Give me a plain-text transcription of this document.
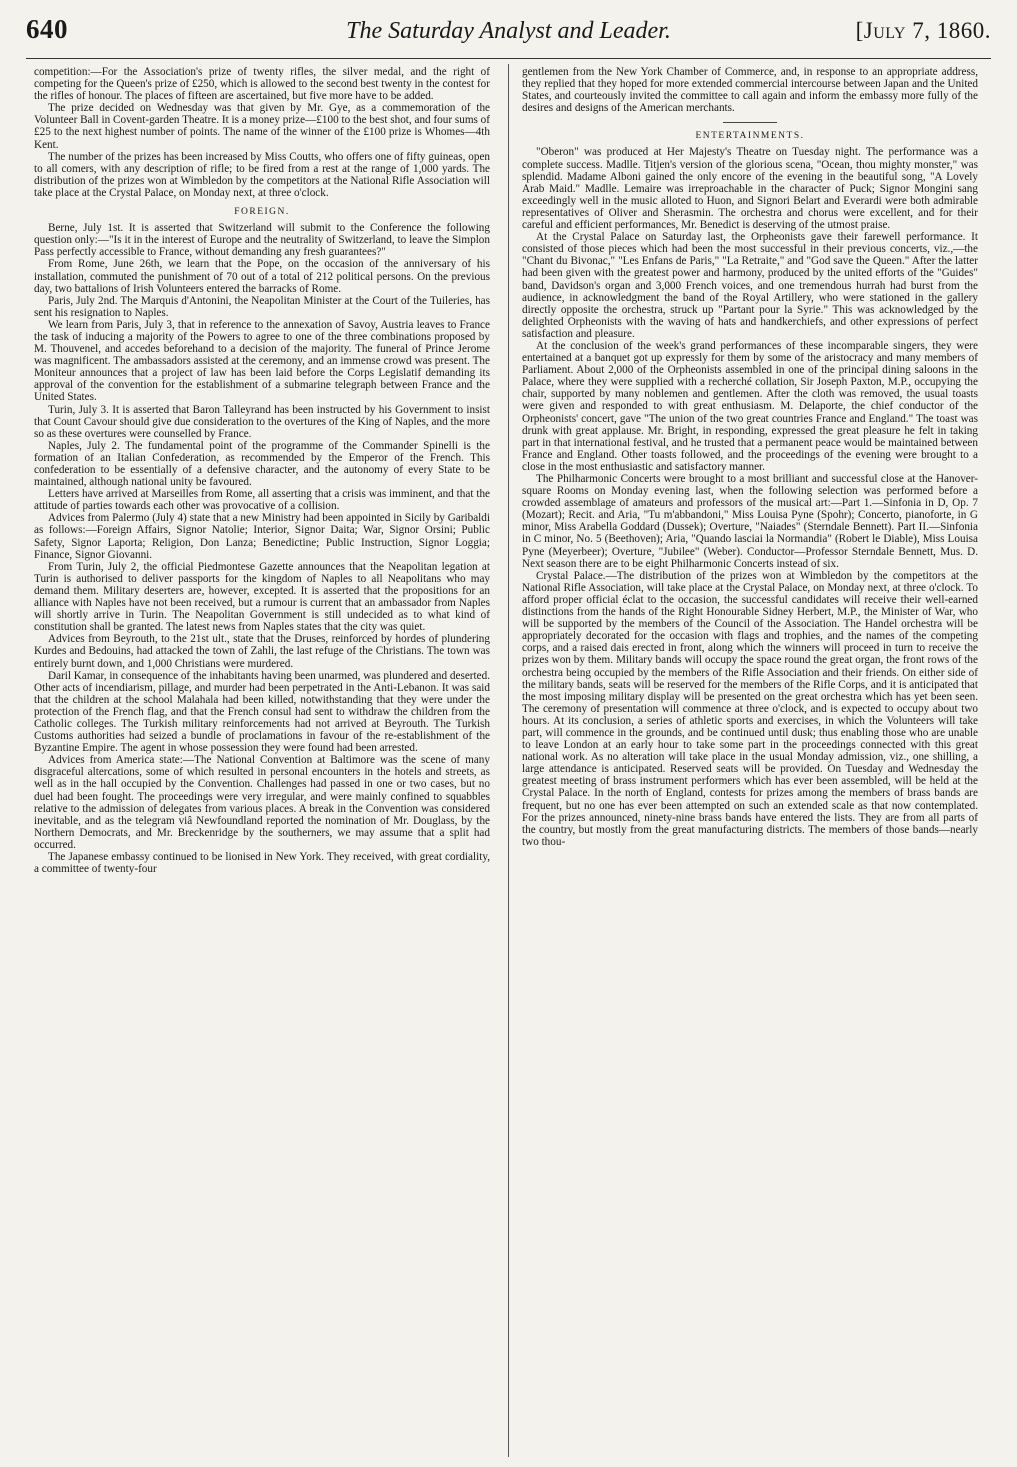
640	The Saturday Analyst and Leader.	[July 7, 1860.

competition:—For the Association's prize of twenty rifles, the silver medal, and the right of competing for the Queen's prize of £250, which is allowed to the second best twenty in the contest for the rifles of honour. The places of fifteen are ascertained, but five more have to be added.

The prize decided on Wednesday was that given by Mr. Gye, as a commemoration of the Volunteer Ball in Covent-garden Theatre. It is a money prize—£100 to the best shot, and four sums of £25 to the next highest number of points. The name of the winner of the £100 prize is Whomes—4th Kent.

The number of the prizes has been increased by Miss Coutts, who offers one of fifty guineas, open to all comers, with any description of rifle; to be fired from a rest at the range of 1,000 yards. The distribution of the prizes won at Wimbledon by the competitors at the National Rifle Association will take place at the Crystal Palace, on Monday next, at three o'clock.

FOREIGN.

Berne, July 1st. It is asserted that Switzerland will submit to the Conference the following question only:—"Is it in the interest of Europe and the neutrality of Switzerland, to leave the Simplon Pass perfectly accessible to France, without demanding any fresh guarantees?"

From Rome, June 26th, we learn that the Pope, on the occasion of the anniversary of his installation, commuted the punishment of 70 out of a total of 212 political persons. On the previous day, two battalions of Irish Volunteers entered the barracks of Rome.

Paris, July 2nd. The Marquis d'Antonini, the Neapolitan Minister at the Court of the Tuileries, has sent his resignation to Naples.

We learn from Paris, July 3, that in reference to the annexation of Savoy, Austria leaves to France the task of inducing a majority of the Powers to agree to one of the three combinations proposed by M. Thouvenel, and accedes beforehand to a decision of the majority. The funeral of Prince Jerome was magnificent. The ambassadors assisted at the ceremony, and an immense crowd was present. The Moniteur announces that a project of law has been laid before the Corps Legislatif demanding its approval of the convention for the establishment of a submarine telegraph between France and the United States.

Turin, July 3. It is asserted that Baron Talleyrand has been instructed by his Government to insist that Count Cavour should give due consideration to the overtures of the King of Naples, and the more so as these overtures were counselled by France.

Naples, July 2. The fundamental point of the programme of the Commander Spinelli is the formation of an Italian Confederation, as recommended by the Emperor of the French. This confederation to be essentially of a defensive character, and the autonomy of every State to be maintained, although national unity be favoured.

Letters have arrived at Marseilles from Rome, all asserting that a crisis was imminent, and that the attitude of parties towards each other was provocative of a collision.

Advices from Palermo (July 4) state that a new Ministry had been appointed in Sicily by Garibaldi as follows:—Foreign Affairs, Signor Natolie; Interior, Signor Daita; War, Signor Orsini; Public Safety, Signor Laporta; Religion, Don Lanza; Benedictine; Public Instruction, Signor Loggia; Finance, Signor Giovanni.

From Turin, July 2, the official Piedmontese Gazette announces that the Neapolitan legation at Turin is authorised to deliver passports for the kingdom of Naples to all Neapolitans who may demand them. Military deserters are, however, excepted. It is asserted that the propositions for an alliance with Naples have not been received, but a rumour is current that an ambassador from Naples will shortly arrive in Turin. The Neapolitan Government is still undecided as to what kind of constitution shall be granted. The latest news from Naples states that the city was quiet.

Advices from Beyrouth, to the 21st ult., state that the Druses, reinforced by hordes of plundering Kurdes and Bedouins, had attacked the town of Zahli, the last refuge of the Christians. The town was entirely burnt down, and 1,000 Christians were murdered.

Daril Kamar, in consequence of the inhabitants having been unarmed, was plundered and deserted. Other acts of incendiarism, pillage, and murder had been perpetrated in the Anti-Lebanon. It was said that the children at the school Malahala had been killed, notwithstanding that they were under the protection of the French flag, and that the French consul had sent to withdraw the children from the Catholic colleges. The Turkish military reinforcements had not arrived at Beyrouth. The Turkish Customs authorities had seized a bundle of proclamations in favour of the re-establishment of the Byzantine Empire. The agent in whose possession they were found had been arrested.

Advices from America state:—The National Convention at Baltimore was the scene of many disgraceful altercations, some of which resulted in personal encounters in the hotels and streets, as well as in the hall occupied by the Convention. Challenges had passed in one or two cases, but no duel had been fought. The proceedings were very irregular, and were mainly confined to squabbles relative to the admission of delegates from various places. A break in the Convention was considered inevitable, and as the telegram viâ Newfoundland reported the nomination of Mr. Douglass, by the Northern Democrats, and Mr. Breckenridge by the southerners, we may assume that a split had occurred.

The Japanese embassy continued to be lionised in New York. They received, with great cordiality, a committee of twenty-four

gentlemen from the New York Chamber of Commerce, and, in response to an appropriate address, they replied that they hoped for more extended commercial intercourse between Japan and the United States, and courteously invited the committee to call again and inform the embassy more fully of the desires and designs of the American merchants.

ENTERTAINMENTS.

"Oberon" was produced at Her Majesty's Theatre on Tuesday night. The performance was a complete success. Madlle. Titjen's version of the glorious scena, "Ocean, thou mighty monster," was splendid. Madame Alboni gained the only encore of the evening in the beautiful song, "A Lovely Arab Maid." Madlle. Lemaire was irreproachable in the character of Puck; Signor Mongini sang exceedingly well in the music alloted to Huon, and Signori Belart and Everardi were both admirable representatives of Oliver and Sherasmin. The orchestra and chorus were excellent, and for their careful and efficient performances, Mr. Benedict is deserving of the utmost praise.

At the Crystal Palace on Saturday last, the Orpheonists gave their farewell performance. It consisted of those pieces which had been the most successful in their previous concerts, viz.,—the "Chant du Bivonac," "Les Enfans de Paris," "La Retraite," and "God save the Queen." After the latter had been given with the greatest power and harmony, produced by the united efforts of the "Guides" band, Davidson's organ and 3,000 French voices, and one tremendous hurrah had burst from the audience, in acknowledgment the band of the Royal Artillery, who were stationed in the gallery directly opposite the orchestra, struck up "Partant pour la Syrie." This was acknowledged by the delighted Orpheonists with the waving of hats and handkerchiefs, and other expressions of perfect satisfaction and pleasure.

At the conclusion of the week's grand performances of these incomparable singers, they were entertained at a banquet got up expressly for them by some of the aristocracy and many members of Parliament. About 2,000 of the Orpheonists assembled in one of the principal dining saloons in the Palace, where they were supplied with a recherché collation, Sir Joseph Paxton, M.P., occupying the chair, supported by many noblemen and gentlemen. After the cloth was removed, the usual toasts were given and responded to with great enthusiasm. M. Delaporte, the chief conductor of the Orpheonists' concert, gave "The union of the two great countries France and England." The toast was drunk with great applause. Mr. Bright, in responding, expressed the great pleasure he felt in taking part in that international festival, and he trusted that a permanent peace would be maintained between France and England. Other toasts followed, and the proceedings of the evening were brought to a close in the most enthusiastic and satisfactory manner.

The Philharmonic Concerts were brought to a most brilliant and successful close at the Hanover-square Rooms on Monday evening last, when the following selection was performed before a crowded assemblage of amateurs and professors of the musical art:—Part 1.—Sinfonia in D, Op. 7 (Mozart); Recit. and Aria, "Tu m'abbandoni," Miss Louisa Pyne (Spohr); Concerto, pianoforte, in G minor, Miss Arabella Goddard (Dussek); Overture, "Naiades" (Sterndale Bennett). Part II.—Sinfonia in C minor, No. 5 (Beethoven); Aria, "Quando lasciai la Normandia" (Robert le Diable), Miss Louisa Pyne (Meyerbeer); Overture, "Jubilee" (Weber). Conductor—Professor Sterndale Bennett, Mus. D. Next season there are to be eight Philharmonic Concerts instead of six.

Crystal Palace.—The distribution of the prizes won at Wimbledon by the competitors at the National Rifle Association, will take place at the Crystal Palace, on Monday next, at three o'clock. To afford proper official éclat to the occasion, the successful candidates will receive their well-earned distinctions from the hands of the Right Honourable Sidney Herbert, M.P., the Minister of War, who will be supported by the members of the Council of the Association. The Handel orchestra will be appropriately decorated for the occasion with flags and trophies, and the names of the competing corps, and a raised dais erected in front, along which the winners will proceed in turn to receive the prizes won by them. Military bands will occupy the space round the great organ, the front rows of the orchestra being occupied by the members of the Rifle Association and their friends. On either side of the military bands, seats will be reserved for the members of the Rifle Corps, and it is anticipated that the most imposing military display will be presented on the great orchestra which has yet been seen. The ceremony of presentation will commence at three o'clock, and is expected to occupy about two hours. At its conclusion, a series of athletic sports and exercises, in which the Volunteers will take part, will commence in the grounds, and be continued until dusk; thus enabling those who are unable to leave London at an early hour to take some part in the proceedings connected with this great national work. As no alteration will take place in the usual Monday admission, viz., one shilling, a large attendance is anticipated. Reserved seats will be provided. On Tuesday and Wednesday the greatest meeting of brass instrument performers which has ever been assembled, will be held at the Crystal Palace. In the north of England, contests for prizes among the members of brass bands are frequent, but no one has ever been attempted on such an extended scale as that now contemplated. For the prizes announced, ninety-nine brass bands have entered the lists. They are from all parts of the country, but mostly from the great manufacturing districts. The members of those bands—nearly two thou-
